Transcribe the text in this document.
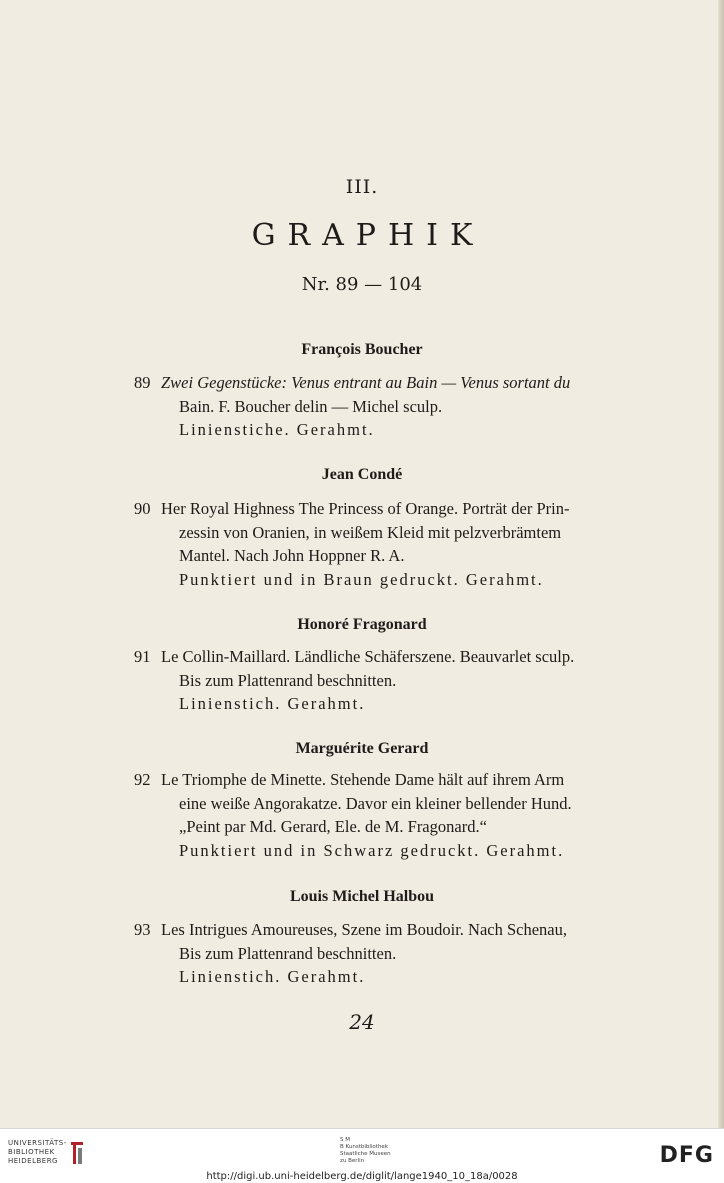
III.
GRAPHIK
Nr. 89 — 104
François Boucher
89 Zwei Gegenstücke: Venus entrant au Bain — Venus sortant du
Bain. F. Boucher delin — Michel sculp.
Linienstiche. Gerahmt.
Jean Condé
90 Her Royal Highness The Princess of Orange. Porträt der Prin-
zessin von Oranien, in weißem Kleid mit pelzverbrämtem
Mantel. Nach John Hoppner R. A.
Punktiert und in Braun gedruckt. Gerahmt.
Honoré Fragonard
91 Le Collin-Maillard. Ländliche Schäferszene. Beauvarlet sculp.
Bis zum Plattenrand beschnitten.
Linienstich. Gerahmt.
Marguérite Gerard
92 Le Triomphe de Minette. Stehende Dame hält auf ihrem Arm
eine weiße Angorakatze. Davor ein kleiner bellender Hund.
„Peint par Md. Gerard, Ele. de M. Fragonard.“
Punktiert und in Schwarz gedruckt. Gerahmt.
Louis Michel Halbou
93 Les Intrigues Amoureuses, Szene im Boudoir. Nach Schenau,
Bis zum Plattenrand beschnitten.
Linienstich. Gerahmt.
24
UNIVERSITÄTS-
BIBLIOTHEK
HEIDELBERG
S M
B Kunstbibliothek
Staatliche Museen
zu Berlin	DFG
http://digi.ub.uni-heidelberg.de/diglit/lange1940_10_18a/0028
